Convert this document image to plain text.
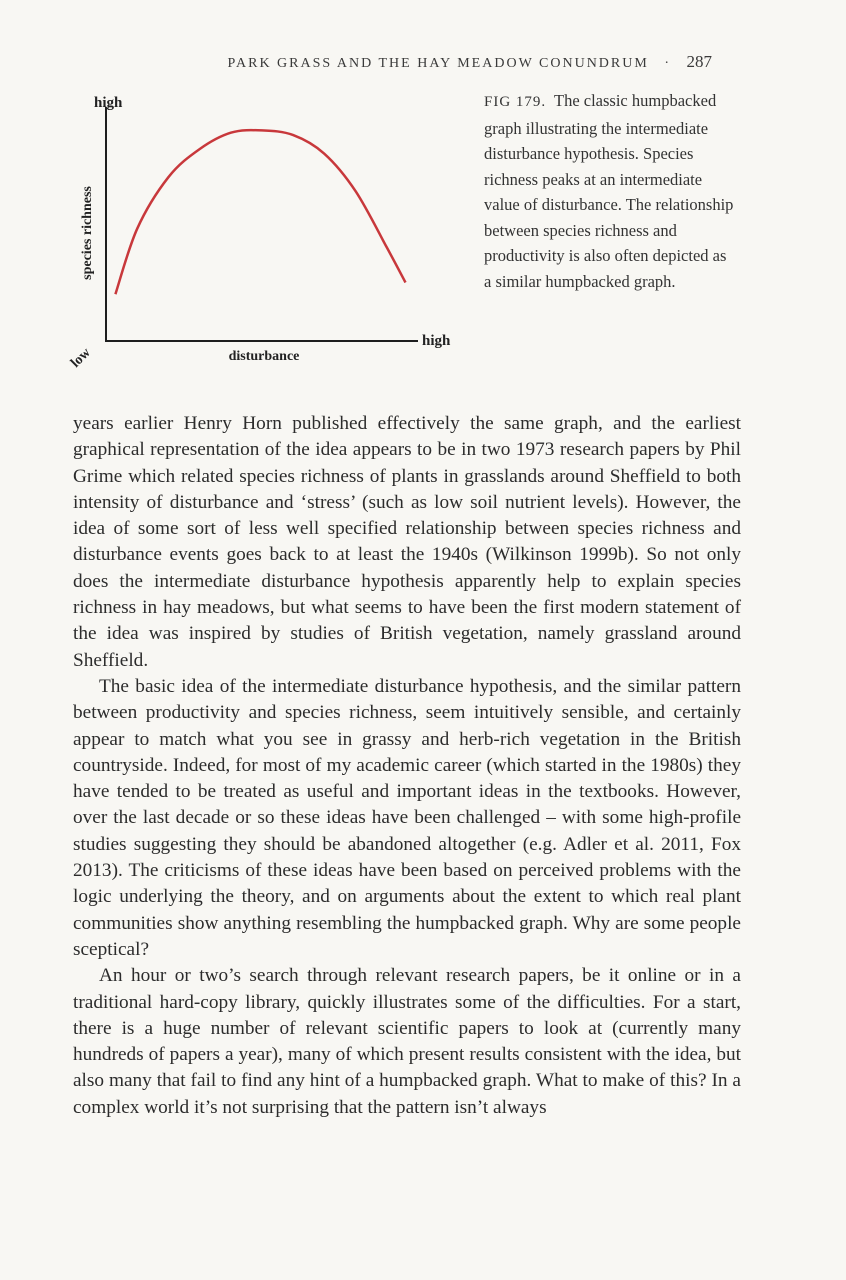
PARK GRASS AND THE HAY MEADOW CONUNDRUM · 287
high
species richness
low	disturbance
high
FIG 179. The classic humpbacked graph illustrating the intermediate disturbance hypothesis. Species richness peaks at an intermediate value of disturbance. The relationship between species richness and productivity is also often depicted as a similar humpbacked graph.

years earlier Henry Horn published effectively the same graph, and the earliest graphical representation of the idea appears to be in two 1973 research papers by Phil Grime which related species richness of plants in grasslands around Sheffield to both intensity of disturbance and ‘stress’ (such as low soil nutrient levels). However, the idea of some sort of less well specified relationship between species richness and disturbance events goes back to at least the 1940s (Wilkinson 1999b). So not only does the intermediate disturbance hypothesis apparently help to explain species richness in hay meadows, but what seems to have been the first modern statement of the idea was inspired by studies of British vegetation, namely grassland around Sheffield.

The basic idea of the intermediate disturbance hypothesis, and the similar pattern between productivity and species richness, seem intuitively sensible, and certainly appear to match what you see in grassy and herb-rich vegetation in the British countryside. Indeed, for most of my academic career (which started in the 1980s) they have tended to be treated as useful and important ideas in the textbooks. However, over the last decade or so these ideas have been challenged – with some high-profile studies suggesting they should be abandoned altogether (e.g. Adler et al. 2011, Fox 2013). The criticisms of these ideas have been based on perceived problems with the logic underlying the theory, and on arguments about the extent to which real plant communities show anything resembling the humpbacked graph. Why are some people sceptical?

An hour or two’s search through relevant research papers, be it online or in a traditional hard-copy library, quickly illustrates some of the difficulties. For a start, there is a huge number of relevant scientific papers to look at (currently many hundreds of papers a year), many of which present results consistent with the idea, but also many that fail to find any hint of a humpbacked graph. What to make of this? In a complex world it’s not surprising that the pattern isn’t always
